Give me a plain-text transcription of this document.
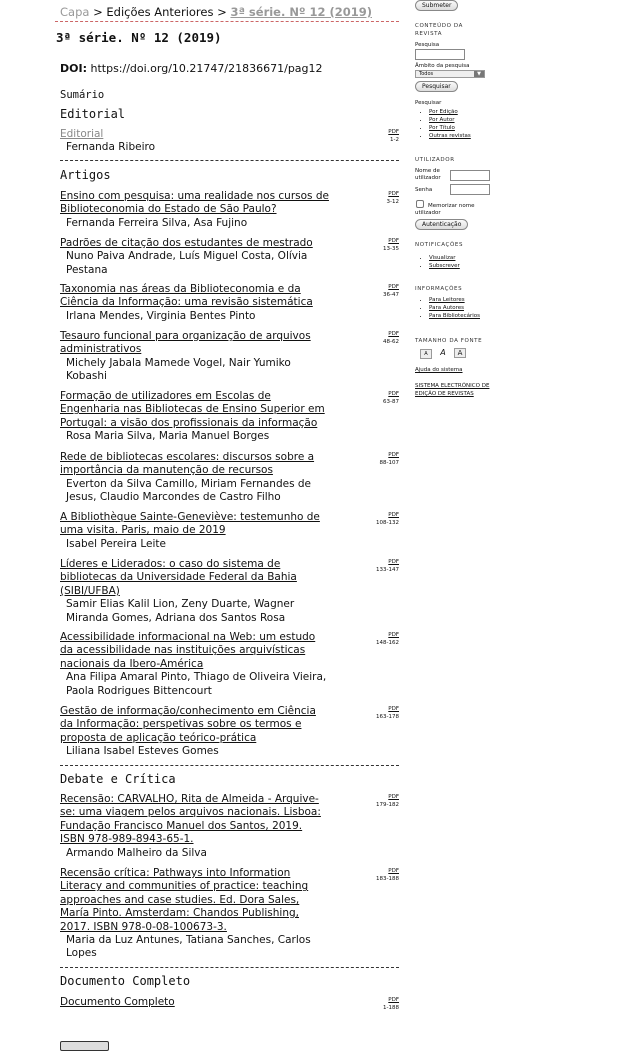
Capa > Edições Anteriores > 3ª série. Nº 12 (2019)
3ª série. Nº 12 (2019)
DOI: https://doi.org/10.21747/21836671/pag12
Sumário
Editorial
Editorial
Fernanda Ribeiro
PDF
1-2
Artigos
Ensino com pesquisa: uma realidade nos cursos de Biblioteconomia do Estado de São Paulo?
Fernanda Ferreira Silva, Asa Fujino
PDF
3-12
Padrões de citação dos estudantes de mestrado
Nuno Paiva Andrade, Luís Miguel Costa, Olívia Pestana
PDF
13-35
Taxonomia nas áreas da Biblioteconomia e da Ciência da Informação: uma revisão sistemática
Irlana Mendes, Virginia Bentes Pinto
PDF
36-47
Tesauro funcional para organização de arquivos administrativos
Michely Jabala Mamede Vogel, Nair Yumiko Kobashi
PDF
48-62
Formação de utilizadores em Escolas de Engenharia nas Bibliotecas de Ensino Superior em Portugal: a visão dos profissionais da informação
Rosa Maria Silva, Maria Manuel Borges
PDF
63-87
Rede de bibliotecas escolares: discursos sobre a importância da manutenção de recursos
Everton da Silva Camillo, Miriam Fernandes de Jesus, Claudio Marcondes de Castro Filho
PDF
88-107
A Bibliothèque Sainte-Geneviève: testemunho de uma visita. Paris, maio de 2019
Isabel Pereira Leite
PDF
108-132
Líderes e Liderados: o caso do sistema de bibliotecas da Universidade Federal da Bahia (SIBI/UFBA)
Samir Elias Kalil Lion, Zeny Duarte, Wagner Miranda Gomes, Adriana dos Santos Rosa
PDF
133-147
Acessibilidade informacional na Web: um estudo da acessibilidade nas instituições arquivísticas nacionais da Ibero-América
Ana Filipa Amaral Pinto, Thiago de Oliveira Vieira, Paola Rodrigues Bittencourt
PDF
148-162
Gestão de informação/conhecimento em Ciência da Informação: perspetivas sobre os termos e proposta de aplicação teórico-prática
Liliana Isabel Esteves Gomes
PDF
163-178
Debate e Crítica
Recensão: CARVALHO, Rita de Almeida - Arquive-se: uma viagem pelos arquivos nacionais. Lisboa: Fundação Francisco Manuel dos Santos, 2019. ISBN 978-989-8943-65-1.
Armando Malheiro da Silva
PDF
179-182
Recensão crítica: Pathways into Information Literacy and communities of practice: teaching approaches and case studies. Ed. Dora Sales, María Pinto. Amsterdam: Chandos Publishing, 2017. ISBN 978-0-08-100673-3.
Maria da Luz Antunes, Tatiana Sanches, Carlos Lopes
PDF
183-188
Documento Completo
Documento Completo	PDF
1-188
Submeter
CONTEÚDO DA REVISTA
Pesquisa
Âmbito da pesquisa
Todos	▼
Pesquisar
Pesquisar
• Por Edição
• Por Autor
• Por Título
• Outras revistas
UTILIZADOR
Nome de utilizador
Senha
Memorizar nome utilizador
Autenticação
NOTIFICAÇÕES
• Visualizar
• Subscrever
INFORMAÇÕES
• Para Leitores
• Para Autores
• Para Bibliotecários
TAMANHO DA FONTE
A A A
Ajuda do sistema
SISTEMA ELECTRÓNICO DE EDIÇÃO DE REVISTAS
